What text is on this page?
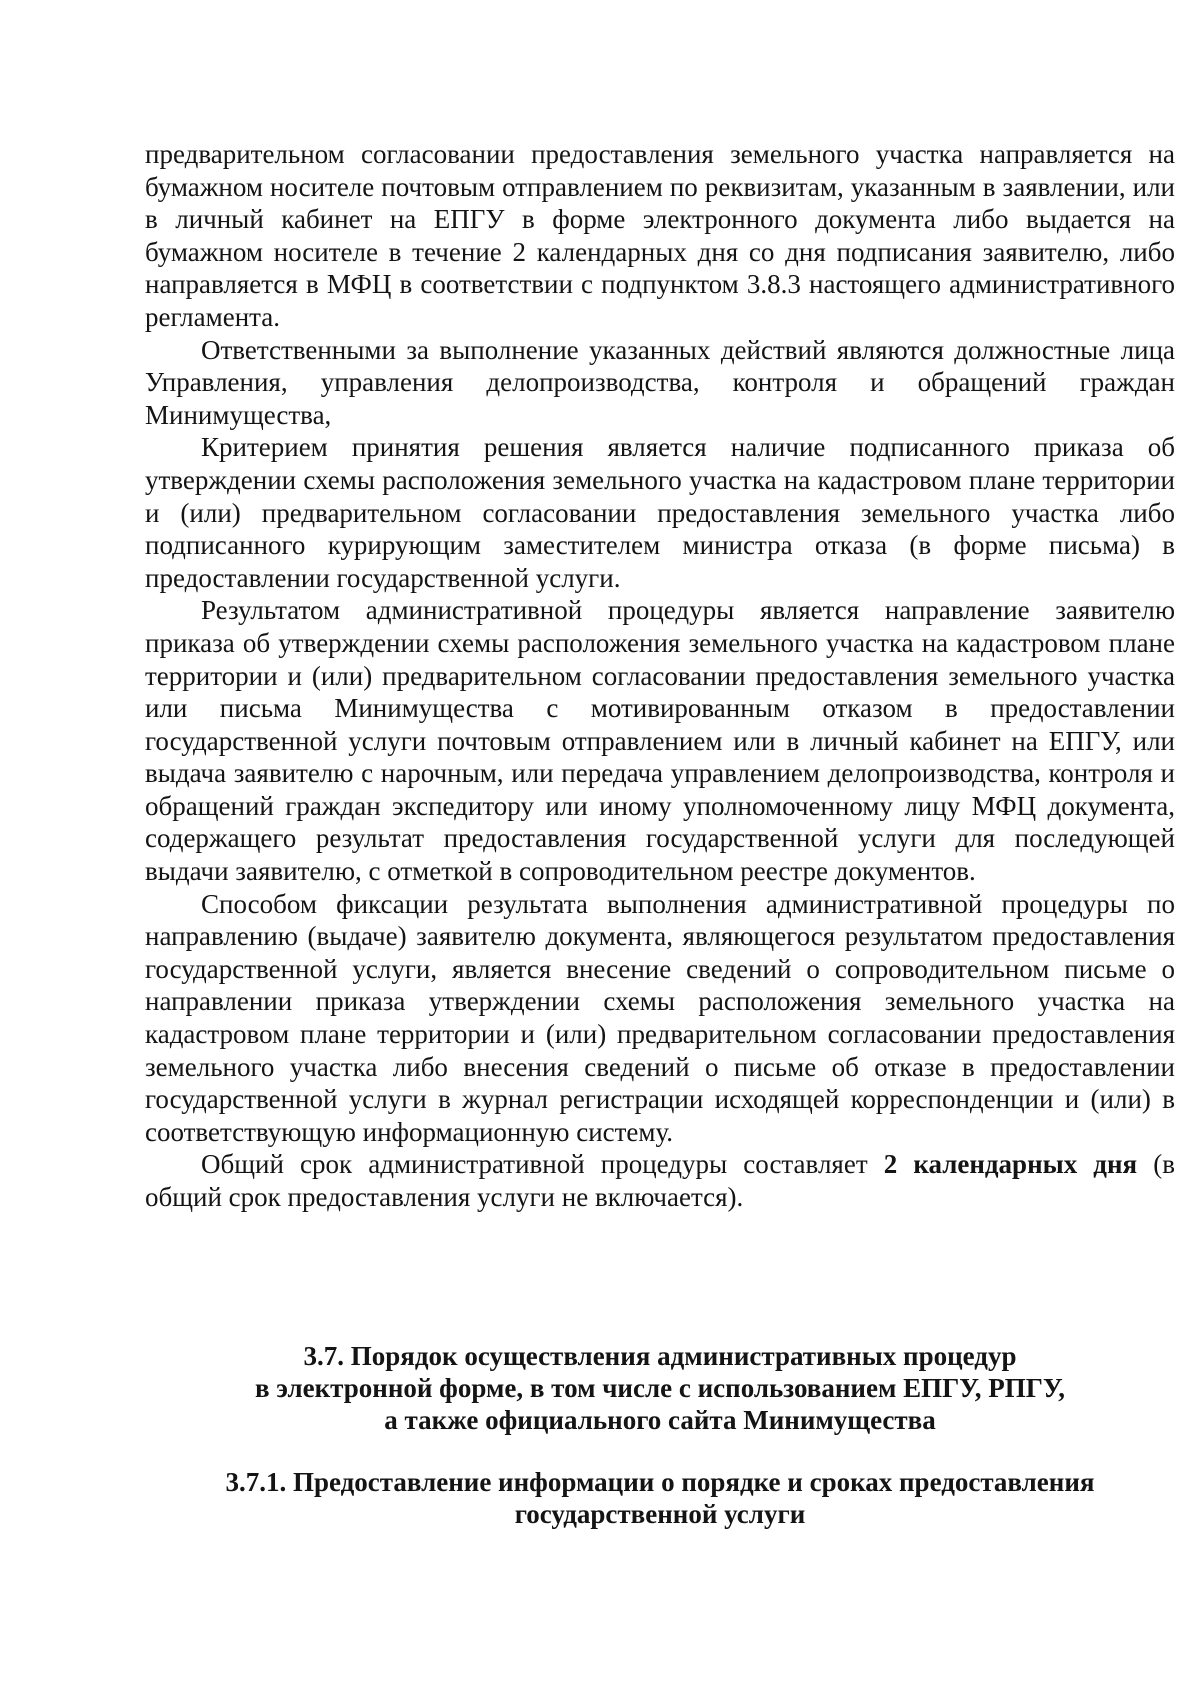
предварительном согласовании предоставления земельного участка направляется на бумажном носителе почтовым отправлением по реквизитам, указанным в заявлении, или в личный кабинет на ЕПГУ в форме электронного документа либо выдается на бумажном носителе в течение 2 календарных дня со дня подписания заявителю, либо направляется в МФЦ в соответствии с подпунктом 3.8.3 настоящего административного регламента.

Ответственными за выполнение указанных действий являются должностные лица Управления, управления делопроизводства, контроля и обращений граждан Минимущества,

Критерием принятия решения является наличие подписанного приказа об утверждении схемы расположения земельного участка на кадастровом плане территории и (или) предварительном согласовании предоставления земельного участка либо подписанного курирующим заместителем министра отказа (в форме письма) в предоставлении государственной услуги.

Результатом административной процедуры является направление заявителю приказа об утверждении схемы расположения земельного участка на кадастровом плане территории и (или) предварительном согласовании предоставления земельного участка или письма Минимущества с мотивированным отказом в предоставлении государственной услуги почтовым отправлением или в личный кабинет на ЕПГУ, или выдача заявителю с нарочным, или передача управлением делопроизводства, контроля и обращений граждан экспедитору или иному уполномоченному лицу МФЦ документа, содержащего результат предоставления государственной услуги для последующей выдачи заявителю, с отметкой в сопроводительном реестре документов.

Способом фиксации результата выполнения административной процедуры по направлению (выдаче) заявителю документа, являющегося результатом предоставления государственной услуги, является внесение сведений о сопроводительном письме о направлении приказа утверждении схемы расположения земельного участка на кадастровом плане территории и (или) предварительном согласовании предоставления земельного участка либо внесения сведений о письме об отказе в предоставлении государственной услуги в журнал регистрации исходящей корреспонденции и (или) в соответствующую информационную систему.

Общий срок административной процедуры составляет 2 календарных дня (в общий срок предоставления услуги не включается).

3.7. Порядок осуществления административных процедур
в электронной форме, в том числе с использованием ЕПГУ, РПГУ,
а также официального сайта Минимущества
3.7.1. Предоставление информации о порядке и сроках предоставления
государственной услуги
